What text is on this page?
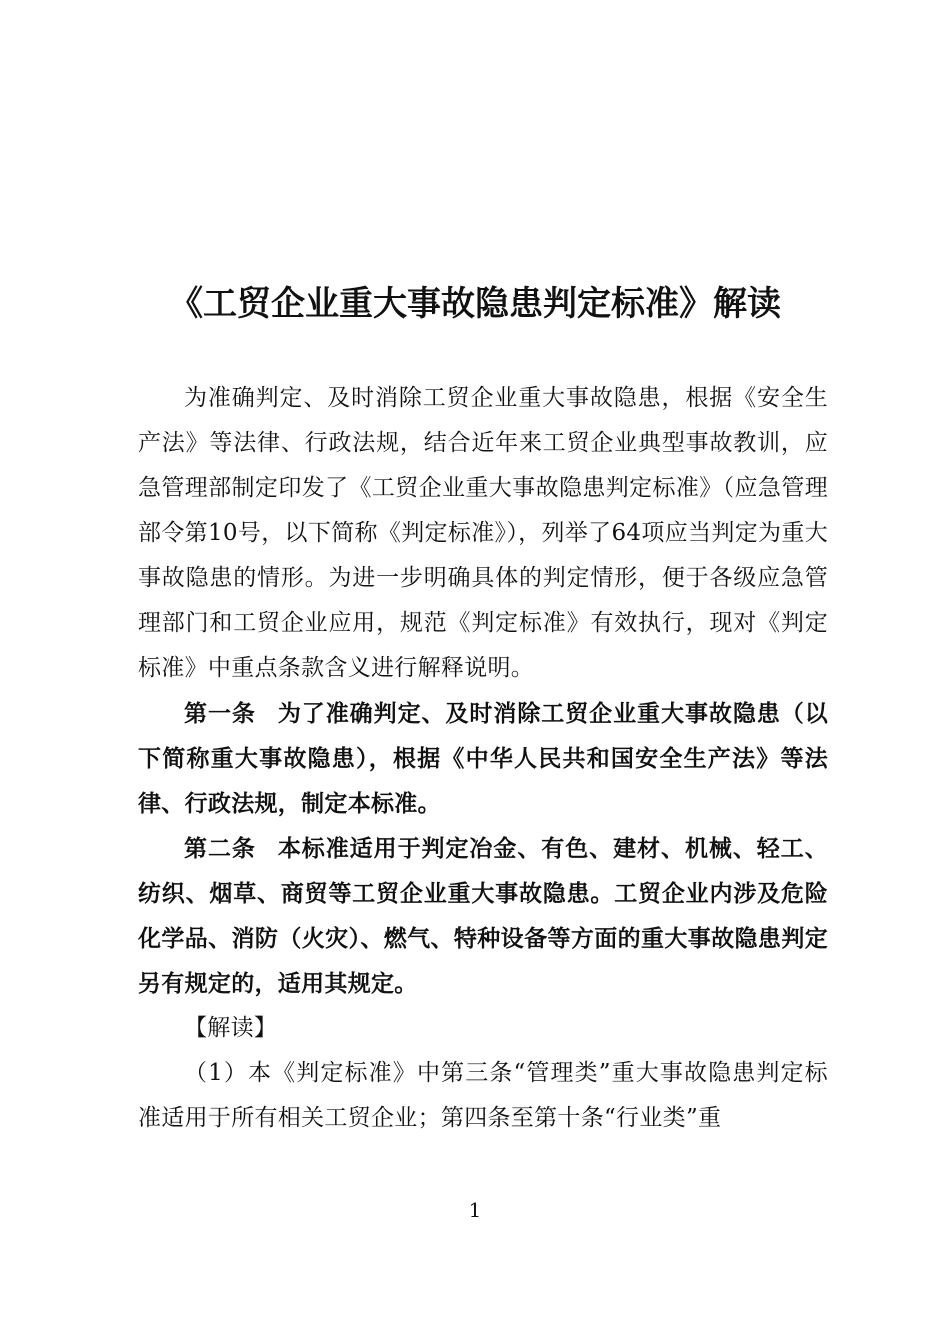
《工贸企业重大事故隐患判定标准》解读

为准确判定、及时消除工贸企业重大事故隐患，根据《安全生产法》等法律、行政法规，结合近年来工贸企业典型事故教训，应急管理部制定印发了《工贸企业重大事故隐患判定标准》（应急管理部令第10号，以下简称《判定标准》），列举了64项应当判定为重大事故隐患的情形。为进一步明确具体的判定情形，便于各级应急管理部门和工贸企业应用，规范《判定标准》有效执行，现对《判定标准》中重点条款含义进行解释说明。

第一条 为了准确判定、及时消除工贸企业重大事故隐患（以下简称重大事故隐患），根据《中华人民共和国安全生产法》等法律、行政法规，制定本标准。

第二条 本标准适用于判定冶金、有色、建材、机械、轻工、纺织、烟草、商贸等工贸企业重大事故隐患。工贸企业内涉及危险化学品、消防（火灾）、燃气、特种设备等方面的重大事故隐患判定另有规定的，适用其规定。

【解读】

（1）本《判定标准》中第三条“管理类”重大事故隐患判定标准适用于所有相关工贸企业；第四条至第十条“行业类”重

1
